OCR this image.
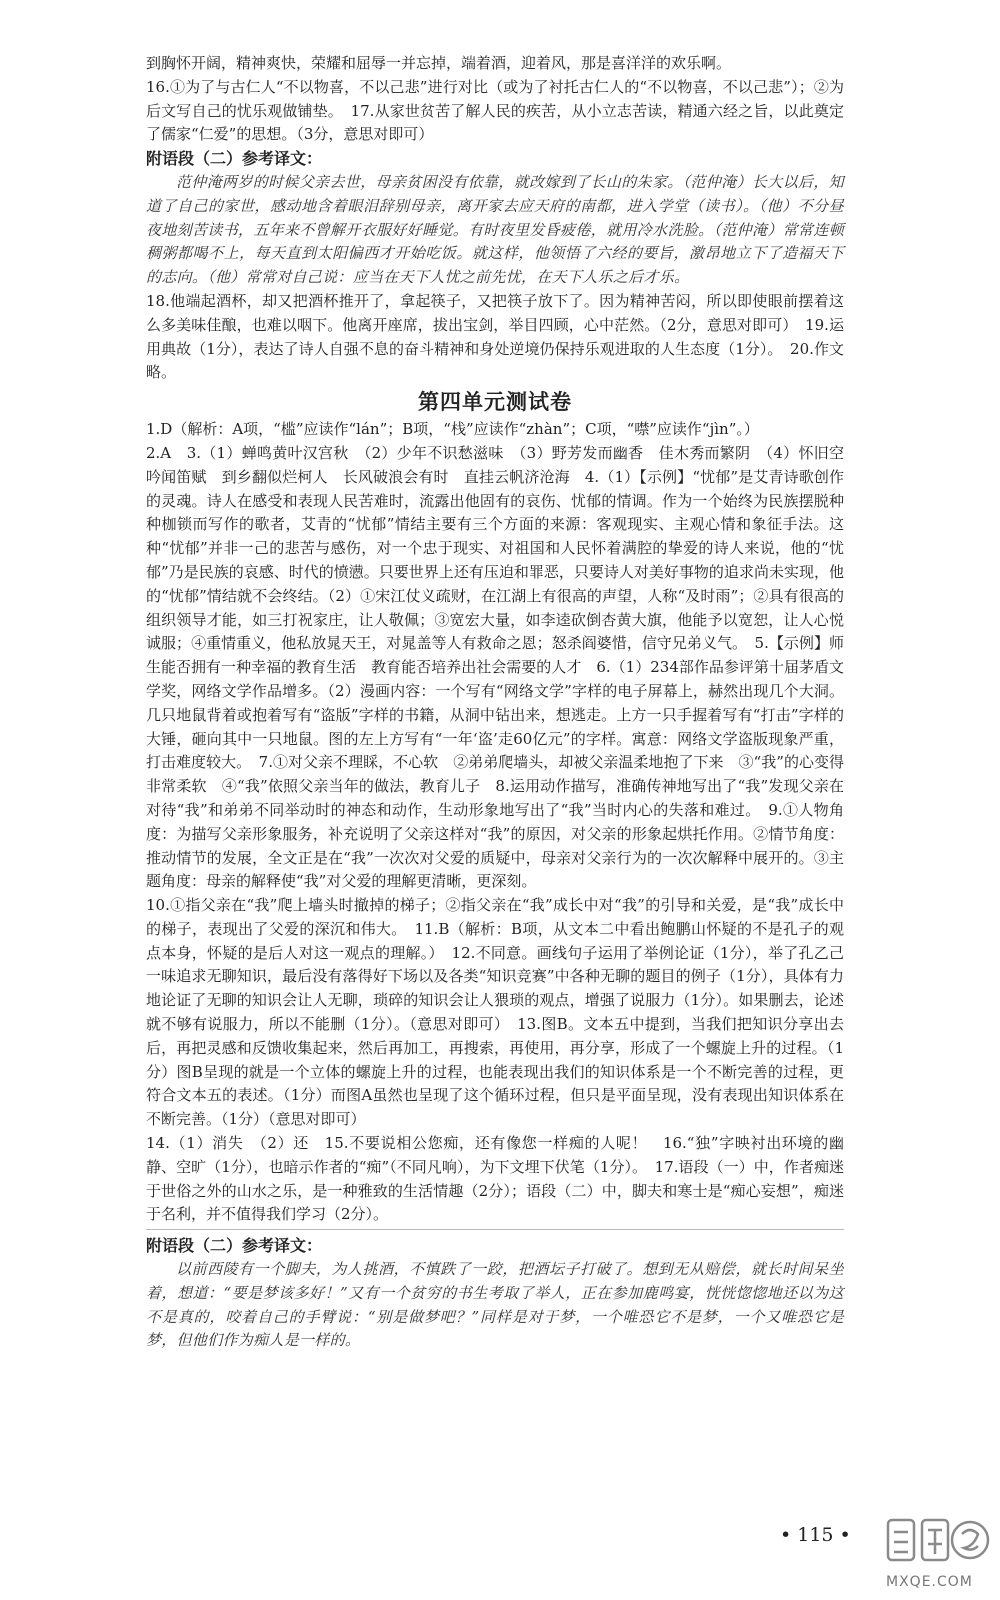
到胸怀开阔，精神爽快，荣耀和屈辱一并忘掉，端着酒，迎着风，那是喜洋洋的欢乐啊。

16.①为了与古仁人“不以物喜，不以己悲”进行对比（或为了衬托古仁人的“不以物喜，不以己悲”）；②为后文写自己的忧乐观做铺垫。　17.从家世贫苦了解人民的疾苦，从小立志苦读，精通六经之旨，以此奠定了儒家“仁爱”的思想。（3分，意思对即可）

附语段（二）参考译文：

范仲淹两岁的时候父亲去世，母亲贫困没有依靠，就改嫁到了长山的朱家。（范仲淹）长大以后，知道了自己的家世，感动地含着眼泪辞别母亲，离开家去应天府的南都，进入学堂（读书）。（他）不分昼夜地刻苦读书，五年来不曾解开衣服好好睡觉。有时夜里发昏疲倦，就用冷水洗脸。（范仲淹）常常连顿稠粥都喝不上，每天直到太阳偏西才开始吃饭。就这样，他领悟了六经的要旨，激昂地立下了造福天下的志向。（他）常常对自己说：应当在天下人忧之前先忧，在天下人乐之后才乐。

18.他端起酒杯，却又把酒杯推开了，拿起筷子，又把筷子放下了。因为精神苦闷，所以即使眼前摆着这么多美味佳酿，也难以咽下。他离开座席，拔出宝剑，举目四顾，心中茫然。（2分，意思对即可）　19.运用典故（1分），表达了诗人自强不息的奋斗精神和身处逆境仍保持乐观进取的人生态度（1分）。　20.作文略。

第四单元测试卷

1.D（解析：A项，“槛”应读作“lán”；B项，“栈”应读作“zhàn”；C项，“噤”应读作“jìn”。）

2.A　3.（1）蝉鸣黄叶汉宫秋　（2）少年不识愁滋味　（3）野芳发而幽香　佳木秀而繁阴　（4）怀旧空吟闻笛赋　到乡翻似烂柯人　长风破浪会有时　直挂云帆济沧海　4.（1）【示例】“忧郁”是艾青诗歌创作的灵魂。诗人在感受和表现人民苦难时，流露出他固有的哀伤、忧郁的情调。作为一个始终为民族摆脱种种枷锁而写作的歌者，艾青的“忧郁”情结主要有三个方面的来源：客观现实、主观心情和象征手法。这种“忧郁”并非一己的悲苦与感伤，对一个忠于现实、对祖国和人民怀着满腔的挚爱的诗人来说，他的“忧郁”乃是民族的哀感、时代的愤懑。只要世界上还有压迫和罪恶，只要诗人对美好事物的追求尚未实现，他的“忧郁”情结就不会终结。（2）①宋江仗义疏财，在江湖上有很高的声望，人称“及时雨”；②具有很高的组织领导才能，如三打祝家庄，让人敬佩；③宽宏大量，如李逵砍倒杏黄大旗，他能予以宽恕，让人心悦诚服；④重情重义，他私放晁天王，对晁盖等人有救命之恩；怒杀阎婆惜，信守兄弟义气。　5.【示例】师生能否拥有一种幸福的教育生活　教育能否培养出社会需要的人才　6.（1）234部作品参评第十届茅盾文学奖，网络文学作品增多。（2）漫画内容：一个写有“网络文学”字样的电子屏幕上，赫然出现几个大洞。几只地鼠背着或抱着写有“盗版”字样的书籍，从洞中钻出来，想逃走。上方一只手握着写有“打击”字样的大锤，砸向其中一只地鼠。图的左上方写有“一年‘盗’走60亿元”的字样。寓意：网络文学盗版现象严重，打击难度较大。　7.①对父亲不理睬，不心软　②弟弟爬墙头，却被父亲温柔地抱了下来　③“我”的心变得非常柔软　④“我”依照父亲当年的做法，教育儿子　8.运用动作描写，准确传神地写出了“我”发现父亲在对待“我”和弟弟不同举动时的神态和动作，生动形象地写出了“我”当时内心的失落和难过。　9.①人物角度：为描写父亲形象服务，补充说明了父亲这样对“我”的原因，对父亲的形象起烘托作用。②情节角度：推动情节的发展，全文正是在“我”一次次对父爱的质疑中，母亲对父亲行为的一次次解释中展开的。③主题角度：母亲的解释使“我”对父爱的理解更清晰，更深刻。

10.①指父亲在“我”爬上墙头时撤掉的梯子；②指父亲在“我”成长中对“我”的引导和关爱，是“我”成长中的梯子，表现出了父爱的深沉和伟大。　11.B（解析：B项，从文本二中看出鲍鹏山怀疑的不是孔子的观点本身，怀疑的是后人对这一观点的理解。）　12.不同意。画线句子运用了举例论证（1分），举了孔乙己一味追求无聊知识，最后没有落得好下场以及各类“知识竞赛”中各种无聊的题目的例子（1分），具体有力地论证了无聊的知识会让人无聊，琐碎的知识会让人猥琐的观点，增强了说服力（1分）。如果删去，论述就不够有说服力，所以不能删（1分）。（意思对即可）　13.图B。文本五中提到，当我们把知识分享出去后，再把灵感和反馈收集起来，然后再加工，再搜索，再使用，再分享，形成了一个螺旋上升的过程。（1分）图B呈现的就是一个立体的螺旋上升的过程，也能表现出我们的知识体系是一个不断完善的过程，更符合文本五的表述。（1分）而图A虽然也呈现了这个循环过程，但只是平面呈现，没有表现出知识体系在不断完善。（1分）（意思对即可）

14.（1）消失　（2）还　15.不要说相公您痴，还有像您一样痴的人呢！　16.“独”字映衬出环境的幽静、空旷（1分），也暗示作者的“痴”（不同凡响），为下文埋下伏笔（1分）。　17.语段（一）中，作者痴迷于世俗之外的山水之乐，是一种雅致的生活情趣（2分）；语段（二）中，脚夫和寒士是“痴心妄想”，痴迷于名利，并不值得我们学习（2分）。

附语段（二）参考译文：

以前西陵有一个脚夫，为人挑酒，不慎跌了一跤，把酒坛子打破了。想到无从赔偿，就长时间呆坐着，想道：“要是梦该多好！”又有一个贫穷的书生考取了举人，正在参加鹿鸣宴，恍恍惚惚地还以为这不是真的，咬着自己的手臂说：“别是做梦吧？”同样是对于梦，一个唯恐它不是梦，一个又唯恐它是梦，但他们作为痴人是一样的。

• 115 •
MXQE.COM
